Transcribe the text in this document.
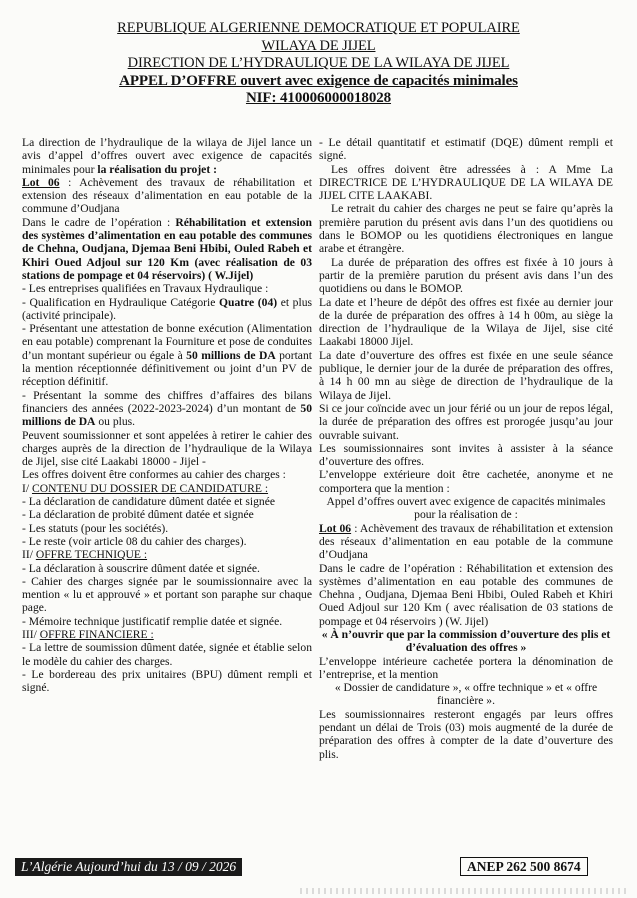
REPUBLIQUE ALGERIENNE DEMOCRATIQUE ET POPULAIRE
WILAYA DE JIJEL
DIRECTION DE L’HYDRAULIQUE DE LA WILAYA DE JIJEL
APPEL D’OFFRE ouvert avec exigence de capacités minimales
NIF: 410006000018028

La direction de l’hydraulique de la wilaya de Jijel lance un avis d’appel d’offres ouvert avec exigence de capacités minimales pour la réalisation du projet :

Lot 06 : Achèvement des travaux de réhabilitation et extension des réseaux d’alimentation en eau potable de la commune d’Oudjana

Dans le cadre de l’opération : Réhabilitation et extension des systèmes d’alimentation en eau potable des communes de Chehna, Oudjana, Djemaa Beni Hbibi, Ouled Rabeh et Khiri Oued Adjoul sur 120 Km (avec réalisation de 03 stations de pompage et 04 réservoirs) ( W.Jijel)

- Les entreprises qualifiées en Travaux Hydraulique :

- Qualification en Hydraulique Catégorie Quatre (04) et plus (activité principale).

- Présentant une attestation de bonne exécution (Alimentation en eau potable) comprenant la Fourniture et pose de conduites d’un montant supérieur ou égale à 50 millions de DA portant la mention réceptionnée définitivement ou joint d’un PV de réception définitif.

- Présentant la somme des chiffres d’affaires des bilans financiers des années (2022-2023-2024) d’un montant de 50 millions de DA ou plus.

Peuvent soumissionner et sont appelées à retirer le cahier des charges auprès de la direction de l’hydraulique de la Wilaya de Jijel, sise cité Laakabi 18000 - Jijel -

Les offres doivent être conformes au cahier des charges :

I/ CONTENU DU DOSSIER DE CANDIDATURE :

- La déclaration de candidature dûment datée et signée

- La déclaration de probité dûment datée et signée

- Les statuts (pour les sociétés).

- Le reste (voir article 08 du cahier des charges).

II/ OFFRE TECHNIQUE :

- La déclaration à souscrire dûment datée et signée.

- Cahier des charges signée par le soumissionnaire avec la mention « lu et approuvé » et portant son paraphe sur chaque page.

- Mémoire technique justificatif remplie datée et signée.

III/ OFFRE FINANCIERE :

- La lettre de soumission dûment datée, signée et établie selon le modèle du cahier des charges.

- Le bordereau des prix unitaires (BPU) dûment rempli et signé.

- Le détail quantitatif et estimatif (DQE) dûment rempli et signé.

Les offres doivent être adressées à : A Mme La DIRECTRICE DE L’HYDRAULIQUE DE LA WILAYA DE JIJEL CITE LAAKABI.

Le retrait du cahier des charges ne peut se faire qu’après la première parution du présent avis dans l’un des quotidiens ou dans le BOMOP ou les quotidiens électroniques en langue arabe et étrangère.

La durée de préparation des offres est fixée à 10 jours à partir de la première parution du présent avis dans l’un des quotidiens ou dans le BOMOP.

La date et l’heure de dépôt des offres est fixée au dernier jour de la durée de préparation des offres à 14 h 00m, au siège la direction de l’hydraulique de la Wilaya de Jijel, sise cité Laakabi 18000 Jijel.

La date d’ouverture des offres est fixée en une seule séance publique, le dernier jour de la durée de préparation des offres, à 14 h 00 mn au siège de direction de l’hydraulique de la Wilaya de Jijel.

Si ce jour coïncide avec un jour férié ou un jour de repos légal, la durée de préparation des offres est prorogée jusqu’au jour ouvrable suivant.

Les soumissionnaires sont invites à assister à la séance d’ouverture des offres.

L’enveloppe extérieure doit être cachetée, anonyme et ne comportera que la mention :

Appel d’offres ouvert avec exigence de capacités minimales pour la réalisation de :

Lot 06 : Achèvement des travaux de réhabilitation et extension des réseaux d’alimentation en eau potable de la commune d’Oudjana

Dans le cadre de l’opération : Réhabilitation et extension des systèmes d’alimentation en eau potable des communes de Chehna , Oudjana, Djemaa Beni Hbibi, Ouled Rabeh et Khiri Oued Adjoul sur 120 Km ( avec réalisation de 03 stations de pompage et 04 réservoirs ) (W. Jijel)

« À n’ouvrir que par la commission d’ouverture des plis et d’évaluation des offres »

L’enveloppe intérieure cachetée portera la dénomination de l’entreprise, et la mention

« Dossier de candidature », « offre technique » et « offre financière ».

Les soumissionnaires resteront engagés par leurs offres pendant un délai de Trois (03) mois augmenté de la durée de préparation des offres à compter de la date d’ouverture des plis.

L’Algérie Aujourd’hui du 13 / 09 / 2026	ANEP 262 500 8674
